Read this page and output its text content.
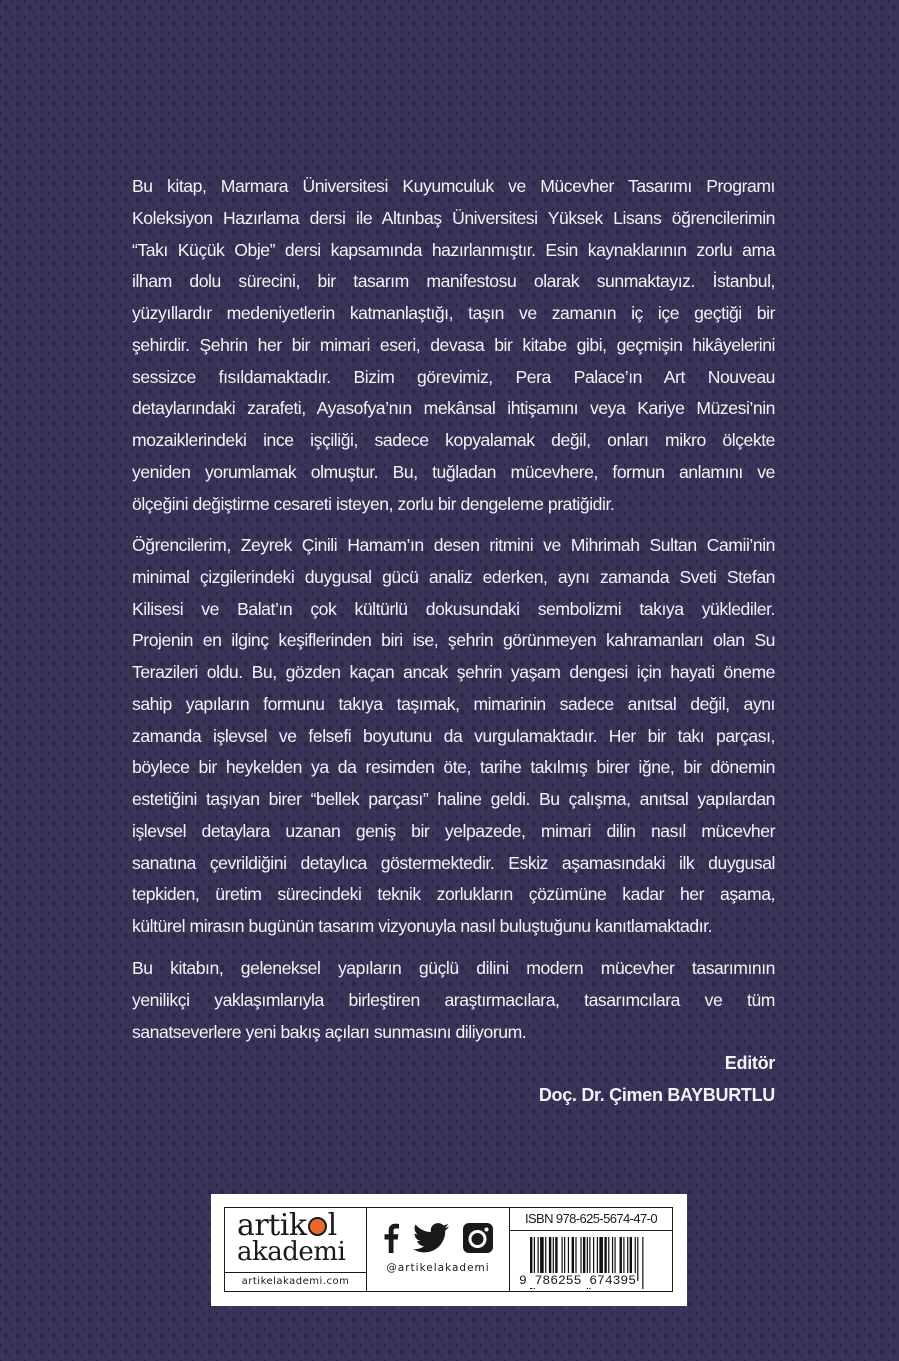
Bu kitap, Marmara Üniversitesi Kuyumculuk ve Mücevher Tasarımı Programı
Koleksiyon Hazırlama dersi ile Altınbaş Üniversitesi Yüksek Lisans öğrencilerimin
“Takı Küçük Obje” dersi kapsamında hazırlanmıştır. Esin kaynaklarının zorlu ama
ilham dolu sürecini, bir tasarım manifestosu olarak sunmaktayız. İstanbul,
yüzyıllardır medeniyetlerin katmanlaştığı, taşın ve zamanın iç içe geçtiği bir
şehirdir. Şehrin her bir mimari eseri, devasa bir kitabe gibi, geçmişin hikâyelerini
sessizce fısıldamaktadır. Bizim görevimiz, Pera Palace’ın Art Nouveau
detaylarındaki zarafeti, Ayasofya’nın mekânsal ihtişamını veya Kariye Müzesi’nin
mozaiklerindeki ince işçiliği, sadece kopyalamak değil, onları mikro ölçekte
yeniden yorumlamak olmuştur. Bu, tuğladan mücevhere, formun anlamını ve
ölçeğini değiştirme cesareti isteyen, zorlu bir dengeleme pratiğidir.
Öğrencilerim, Zeyrek Çinili Hamam’ın desen ritmini ve Mihrimah Sultan Camii’nin
minimal çizgilerindeki duygusal gücü analiz ederken, aynı zamanda Sveti Stefan
Kilisesi ve Balat’ın çok kültürlü dokusundaki sembolizmi takıya yüklediler.
Projenin en ilginç keşiflerinden biri ise, şehrin görünmeyen kahramanları olan Su
Terazileri oldu. Bu, gözden kaçan ancak şehrin yaşam dengesi için hayati öneme
sahip yapıların formunu takıya taşımak, mimarinin sadece anıtsal değil, aynı
zamanda işlevsel ve felsefi boyutunu da vurgulamaktadır. Her bir takı parçası,
böylece bir heykelden ya da resimden öte, tarihe takılmış birer iğne, bir dönemin
estetiğini taşıyan birer “bellek parçası” haline geldi. Bu çalışma, anıtsal yapılardan
işlevsel detaylara uzanan geniş bir yelpazede, mimari dilin nasıl mücevher
sanatına çevrildiğini detaylıca göstermektedir. Eskiz aşamasındaki ilk duygusal
tepkiden, üretim sürecindeki teknik zorlukların çözümüne kadar her aşama,
kültürel mirasın bugünün tasarım vizyonuyla nasıl buluştuğunu kanıtlamaktadır.
Bu kitabın, geleneksel yapıların güçlü dilini modern mücevher tasarımının
yenilikçi yaklaşımlarıyla birleştiren araştırmacılara, tasarımcılara ve tüm
sanatseverlere yeni bakış açıları sunmasını diliyorum.
Editör
Doç. Dr. Çimen BAYBURTLU
artik l
akademi
artikelakademi.com
@artikelakademi
ISBN 978-625-5674-47-0
9 786255 674395
